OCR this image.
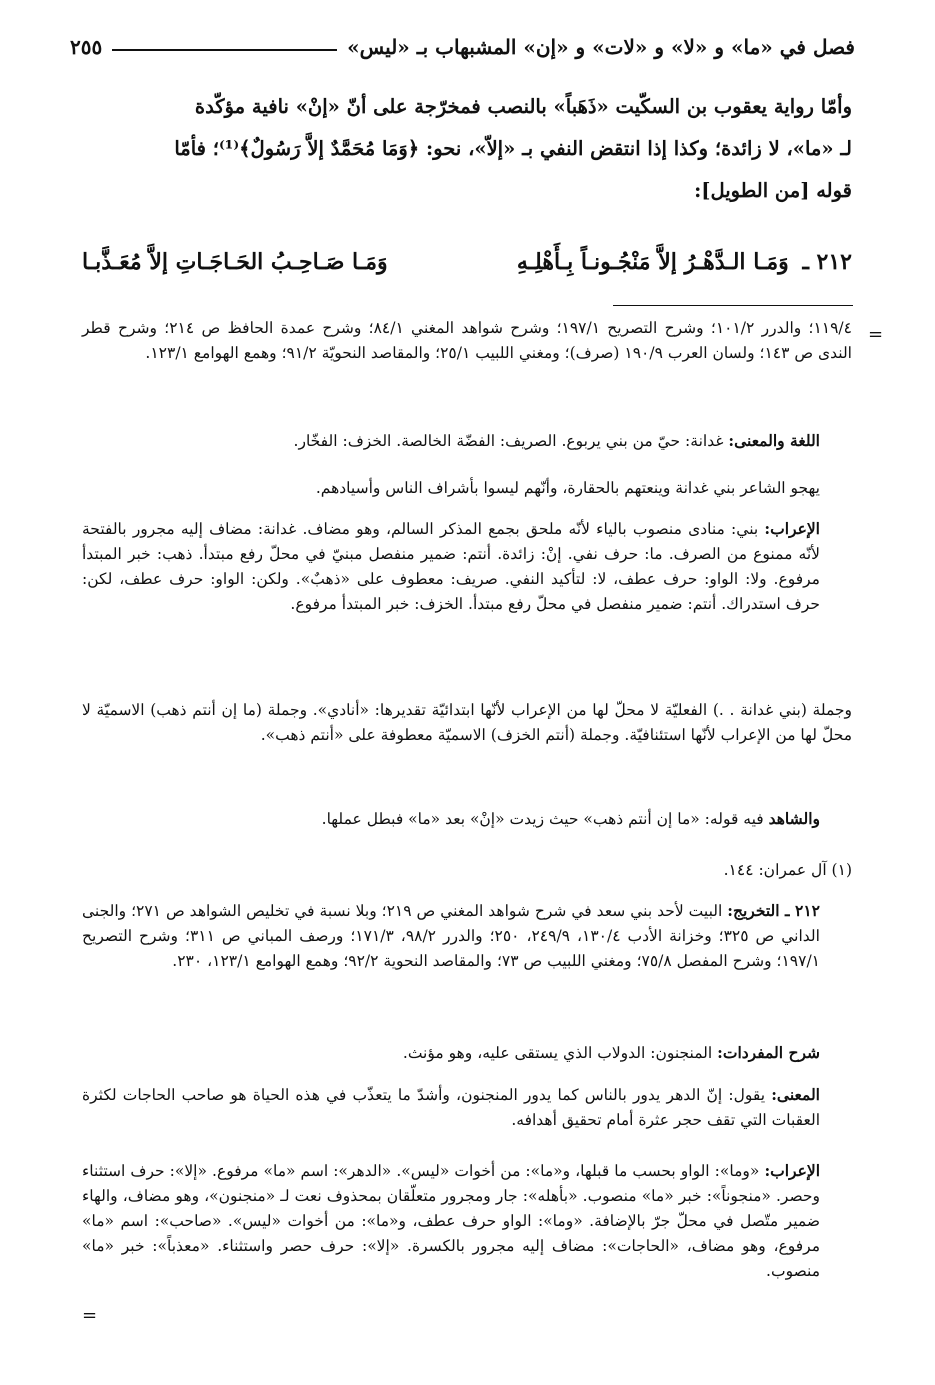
فصل في «ما» و «لا» و «لات» و «إن» المشبهاب بـ «ليس»
٢٥٥

وأمّا رواية يعقوب بن السكّيت «ذَهَباً» بالنصب فمخرّجة على أنّ «إنْ» نافية مؤكّدة

لـ «ما»، لا زائدة؛ وكذا إذا انتقض النفي بـ «إلاّ»، نحو: ﴿وَمَا مُحَمَّدٌ إلاَّ رَسُولٌ﴾⁽¹⁾؛ فأمّا

قوله [من الطويل]:

٢١٢ ـ وَمَـا الـدَّهْـرُ إلاَّ مَنْجُـونـاً بِـأَهْلِـهِ
وَمَـا صَـاحِـبُ الحَـاجَـاتِ إلاَّ مُعَـذَّبـا
=

١١٩/٤؛ والدرر ١٠١/٢؛ وشرح التصريح ١٩٧/١؛ وشرح شواهد المغني ٨٤/١؛ وشرح عمدة الحافظ ص ٢١٤؛ وشرح قطر الندى ص ١٤٣؛ ولسان العرب ١٩٠/٩ (صرف)؛ ومغني اللبيب ٢٥/١؛ والمقاصد النحويّة ٩١/٢؛ وهمع الهوامع ١٢٣/١.

اللغة والمعنى: غدانة: حيّ من بني يربوع. الصريف: الفضّة الخالصة. الخزف: الفخّار.

يهجو الشاعر بني غدانة وينعتهم بالحقارة، وأنّهم ليسوا بأشراف الناس وأسيادهم.

الإعراب: بني: منادى منصوب بالياء لأنّه ملحق بجمع المذكر السالم، وهو مضاف. غدانة: مضاف إليه مجرور بالفتحة لأنّه ممنوع من الصرف. ما: حرف نفي. إنْ: زائدة. أنتم: ضمير منفصل مبنيّ في محلّ رفع مبتدأ. ذهب: خبر المبتدأ مرفوع. ولا: الواو: حرف عطف، لا: لتأكيد النفي. صريف: معطوف على «ذهبٌ». ولكن: الواو: حرف عطف، لكن: حرف استدراك. أنتم: ضمير منفصل في محلّ رفع مبتدأ. الخزف: خبر المبتدأ مرفوع.

وجملة (بني غدانة . .) الفعليّة لا محلّ لها من الإعراب لأنّها ابتدائيّة تقديرها: «أنادي». وجملة (ما إن أنتم ذهب) الاسميّة لا محلّ لها من الإعراب لأنّها استئنافيّة. وجملة (أنتم الخزف) الاسميّة معطوفة على «أنتم ذهب».

والشاهد فيه قوله: «ما إن أنتم ذهب» حيث زيدت «إنْ» بعد «ما» فبطل عملها.

(١) آل عمران: ١٤٤.

٢١٢ ـ التخريج: البيت لأحد بني سعد في شرح شواهد المغني ص ٢١٩؛ وبلا نسبة في تخليص الشواهد ص ٢٧١؛ والجنى الداني ص ٣٢٥؛ وخزانة الأدب ١٣٠/٤، ٢٤٩/٩، ٢٥٠؛ والدرر ٩٨/٢، ١٧١/٣؛ ورصف المباني ص ٣١١؛ وشرح التصريح ١٩٧/١؛ وشرح المفصل ٧٥/٨؛ ومغني اللبيب ص ٧٣؛ والمقاصد النحوية ٩٢/٢؛ وهمع الهوامع ١٢٣/١، ٢٣٠.

شرح المفردات: المنجنون: الدولاب الذي يستقى عليه، وهو مؤنث.

المعنى: يقول: إنّ الدهر يدور بالناس كما يدور المنجنون، وأشدّ ما يتعذّب في هذه الحياة هو صاحب الحاجات لكثرة العقبات التي تقف حجر عثرة أمام تحقيق أهدافه.

الإعراب: «وما»: الواو بحسب ما قبلها، و«ما»: من أخوات «ليس». «الدهر»: اسم «ما» مرفوع. «إلا»: حرف استثناء وحصر. «منجوناً»: خبر «ما» منصوب. «بأهله»: جار ومجرور متعلّقان بمحذوف نعت لـ «منجنون»، وهو مضاف، والهاء ضمير متّصل في محلّ جرّ بالإضافة. «وما»: الواو حرف عطف، و«ما»: من أخوات «ليس». «صاحب»: اسم «ما» مرفوع، وهو مضاف، «الحاجات»: مضاف إليه مجرور بالكسرة. «إلا»: حرف حصر واستثناء. «معذباً»: خبر «ما» منصوب.

=
